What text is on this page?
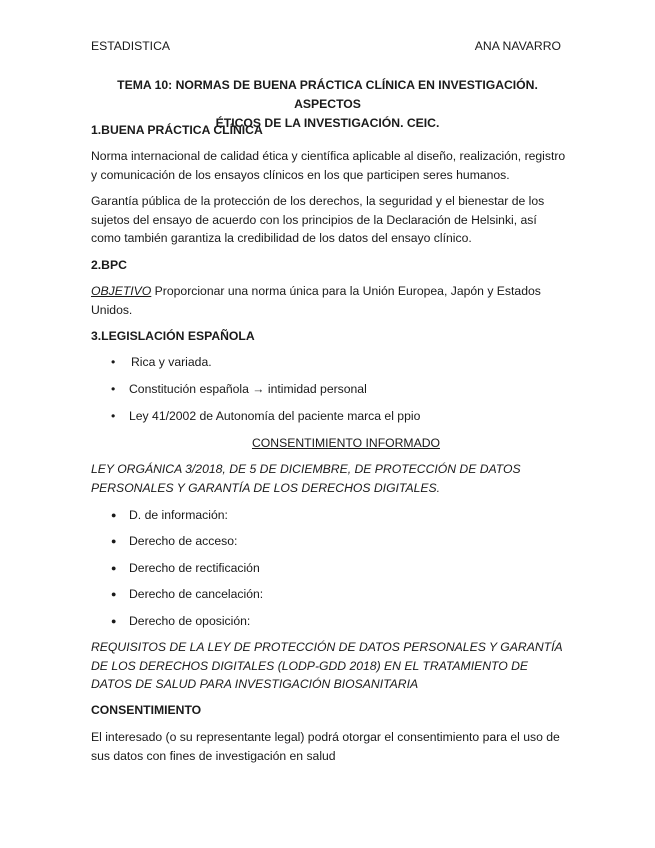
ESTADISTICA	ANA NAVARRO
TEMA 10: NORMAS DE BUENA PRÁCTICA CLÍNICA EN INVESTIGACIÓN. ASPECTOS
ÉTICOS DE LA INVESTIGACIÓN. CEIC.
1.BUENA PRÁCTICA CLÍNICA
Norma internacional de calidad ética y científica aplicable al diseño, realización, registro y comunicación de los ensayos clínicos en los que participen seres humanos.
Garantía pública de la protección de los derechos, la seguridad y el bienestar de los sujetos del ensayo de acuerdo con los principios de la Declaración de Helsinki, así como también garantiza la credibilidad de los datos del ensayo clínico.
2.BPC
OBJETIVO Proporcionar una norma única para la Unión Europea, Japón y Estados Unidos.
3.LEGISLACIÓN ESPAÑOLA
• Rica y variada.
• Constitución española → intimidad personal
• Ley 41/2002 de Autonomía del paciente marca el ppio
CONSENTIMIENTO INFORMADO
LEY ORGÁNICA 3/2018, DE 5 DE DICIEMBRE, DE PROTECCIÓN DE DATOS PERSONALES Y GARANTÍA DE LOS DERECHOS DIGITALES.
● D. de información:
● Derecho de acceso:
● Derecho de rectificación
● Derecho de cancelación:
● Derecho de oposición:
REQUISITOS DE LA LEY DE PROTECCIÓN DE DATOS PERSONALES Y GARANTÍA DE LOS DERECHOS DIGITALES (LODP-GDD 2018) EN EL TRATAMIENTO DE DATOS DE SALUD PARA INVESTIGACIÓN BIOSANITARIA
CONSENTIMIENTO
El interesado (o su representante legal) podrá otorgar el consentimiento para el uso de sus datos con fines de investigación en salud
